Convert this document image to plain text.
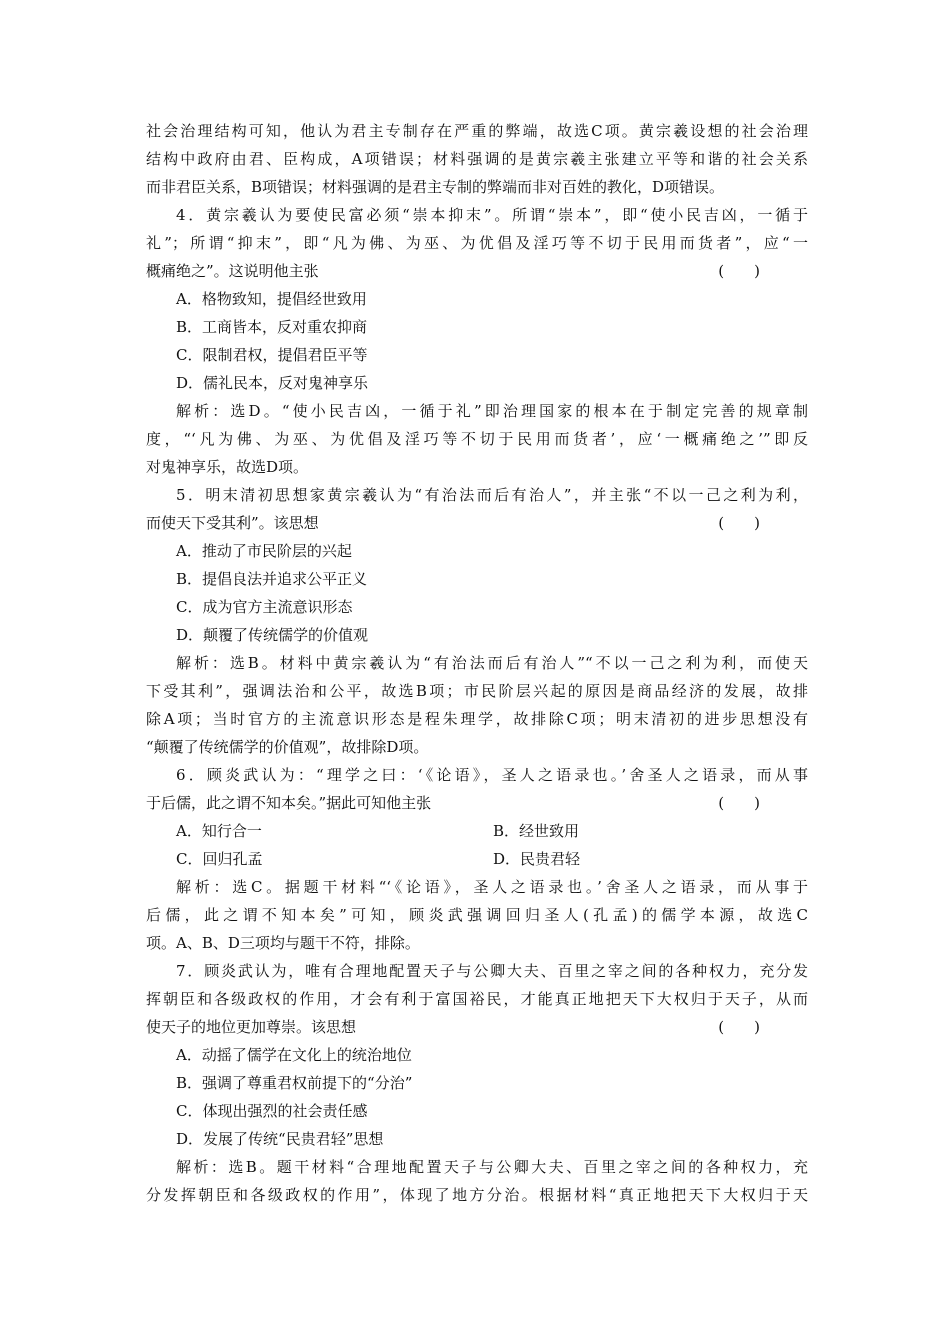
社会治理结构可知，他认为君主专制存在严重的弊端，故选C项。黄宗羲设想的社会治理
结构中政府由君、臣构成，A项错误；材料强调的是黄宗羲主张建立平等和谐的社会关系
而非君臣关系，B项错误；材料强调的是君主专制的弊端而非对百姓的教化，D项错误。
4．黄宗羲认为要使民富必须“崇本抑末”。所谓“崇本”，即“使小民吉凶，一循于
礼”；所谓“抑末”，即“凡为佛、为巫、为优倡及淫巧等不切于民用而货者”，应“一
概痛绝之”。这说明他主张	(　　)
A．格物致知，提倡经世致用
B．工商皆本，反对重农抑商
C．限制君权，提倡君臣平等
D．儒礼民本，反对鬼神享乐
解析：选D。“使小民吉凶，一循于礼”即治理国家的根本在于制定完善的规章制
度，“‘凡为佛、为巫、为优倡及淫巧等不切于民用而货者’，应‘一概痛绝之’”即反
对鬼神享乐，故选D项。
5．明末清初思想家黄宗羲认为“有治法而后有治人”，并主张“不以一己之利为利，
而使天下受其利”。该思想	(　　)
A．推动了市民阶层的兴起
B．提倡良法并追求公平正义
C．成为官方主流意识形态
D．颠覆了传统儒学的价值观
解析：选B。材料中黄宗羲认为“有治法而后有治人”“不以一己之利为利，而使天
下受其利”，强调法治和公平，故选B项；市民阶层兴起的原因是商品经济的发展，故排
除A项；当时官方的主流意识形态是程朱理学，故排除C项；明末清初的进步思想没有
“颠覆了传统儒学的价值观”，故排除D项。
6．顾炎武认为：“理学之曰：‘《论语》，圣人之语录也。’舍圣人之语录，而从事
于后儒，此之谓不知本矣。”据此可知他主张	(　　)
A．知行合一	B．经世致用
C．回归孔孟	D．民贵君轻
解析：选C。据题干材料“‘《论语》，圣人之语录也。’舍圣人之语录，而从事于
后儒，此之谓不知本矣”可知，顾炎武强调回归圣人(孔孟)的儒学本源，故选C
项。A、B、D三项均与题干不符，排除。
7．顾炎武认为，唯有合理地配置天子与公卿大夫、百里之宰之间的各种权力，充分发
挥朝臣和各级政权的作用，才会有利于富国裕民，才能真正地把天下大权归于天子，从而
使天子的地位更加尊崇。该思想	(　　)
A．动摇了儒学在文化上的统治地位
B．强调了尊重君权前提下的“分治”
C．体现出强烈的社会责任感
D．发展了传统“民贵君轻”思想
解析：选B。题干材料“合理地配置天子与公卿大夫、百里之宰之间的各种权力，充
分发挥朝臣和各级政权的作用”，体现了地方分治。根据材料“真正地把天下大权归于天
